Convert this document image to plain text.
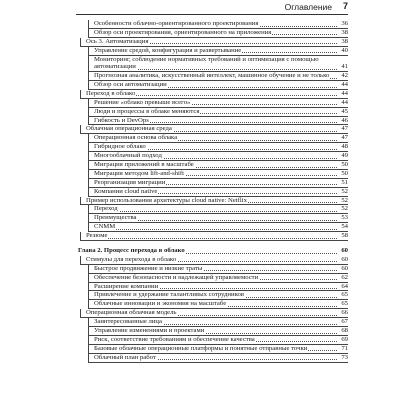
Оглавление 7
Особенности облачно-ориентированного проектирования	36
Обзор оси проектирования, ориентированного на приложения	38
Ось 3. Автоматизация	38
Управление средой, конфигурация и развертывание	40
Мониторинг, соблюдение нормативных требований и оптимизация с помощью автоматизации	41
Прогнозная аналитика, искусственный интеллект, машинное обучение и не только	42
Обзор оси автоматизации	44
Переход в облако	44
Решение «облако превыше всего»	44
Люди и процессы в облаке меняются	45
Гибкость и DevOps	46
Облачная операционная среда	47
Операционная основа облака	47
Гибридное облако	48
Многооблачный подход	49
Миграция приложений в масштабе	50
Миграция методом lift-and-shift	50
Реорганизация миграции	51
Компании cloud native	52
Пример использования архитектуры cloud native: Netflix	52
Переход	52
Преимущества	53
CNMM	54
Резюме	58
Глава 2. Процесс перехода в облако	60
Стимулы для перехода в облако	60
Быстрое продвижение и низкие траты	60
Обеспечение безопасности и надлежащей управляемости	62
Расширение компании	64
Привлечение и удержание талантливых сотрудников	65
Облачные инновации и экономия на масштабе	65
Операционная облачная модель	66
Заинтересованные лица	67
Управление изменениями и проектами	68
Риск, соответствие требованиям и обеспечение качества	69
Базовые облачные операционные платформы и понятные отправные точки	71
Облачный план работ	73
